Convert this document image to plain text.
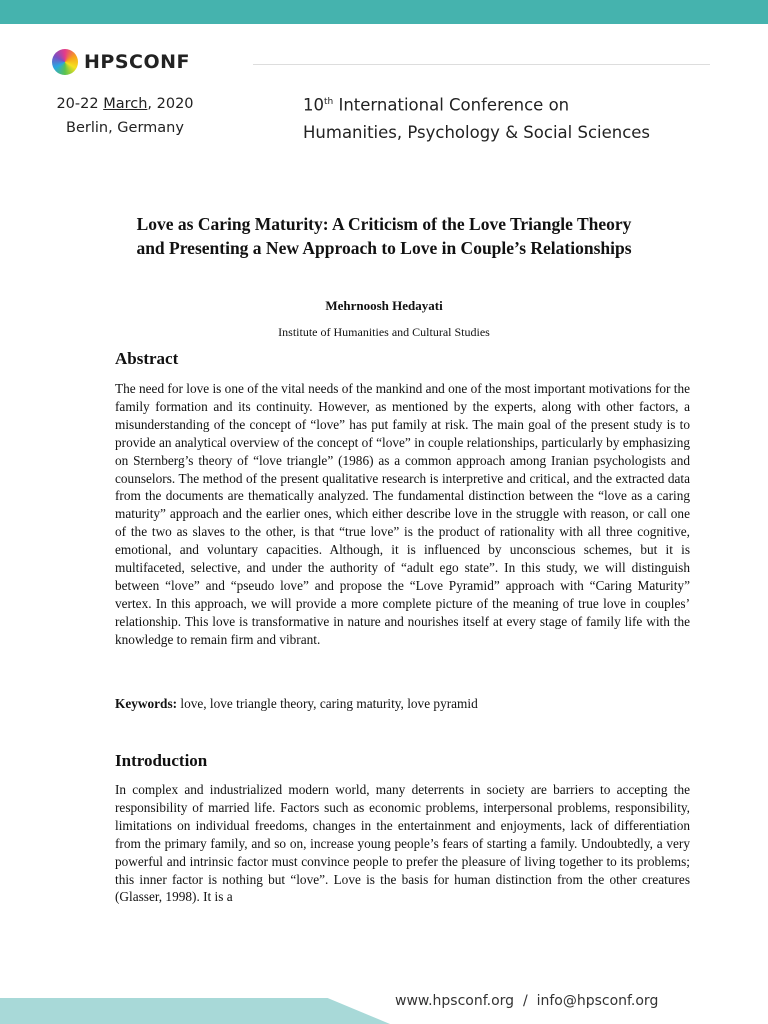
HPSCONF
20-22 March, 2020
Berlin, Germany
10th International Conference on
Humanities, Psychology & Social Sciences
Love as Caring Maturity: A Criticism of the Love Triangle Theory
and Presenting a New Approach to Love in Couple’s Relationships
Mehrnoosh Hedayati
Institute of Humanities and Cultural Studies
Abstract
The need for love is one of the vital needs of the mankind and one of the most important motivations for the family formation and its continuity. However, as mentioned by the experts, along with other factors, a misunderstanding of the concept of “love” has put family at risk. The main goal of the present study is to provide an analytical overview of the concept of “love” in couple relationships, particularly by emphasizing on Sternberg’s theory of “love triangle” (1986) as a common approach among Iranian psychologists and counselors. The method of the present qualitative research is interpretive and critical, and the extracted data from the documents are thematically analyzed. The fundamental distinction between the “love as a caring maturity” approach and the earlier ones, which either describe love in the struggle with reason, or call one of the two as slaves to the other, is that “true love” is the product of rationality with all three cognitive, emotional, and voluntary capacities. Although, it is influenced by unconscious schemes, but it is multifaceted, selective, and under the authority of “adult ego state”. In this study, we will distinguish between “love” and “pseudo love” and propose the “Love Pyramid” approach with “Caring Maturity” vertex. In this approach, we will provide a more complete picture of the meaning of true love in couples’ relationship. This love is transformative in nature and nourishes itself at every stage of family life with the knowledge to remain firm and vibrant.
Keywords: love, love triangle theory, caring maturity, love pyramid
Introduction
In complex and industrialized modern world, many deterrents in society are barriers to accepting the responsibility of married life. Factors such as economic problems, interpersonal problems, responsibility, limitations on individual freedoms, changes in the entertainment and enjoyments, lack of differentiation from the primary family, and so on, increase young people’s fears of starting a family. Undoubtedly, a very powerful and intrinsic factor must convince people to prefer the pleasure of living together to its problems; this inner factor is nothing but “love”. Love is the basis for human distinction from the other creatures (Glasser, 1998). It is a
www.hpsconf.org / info@hpsconf.org
